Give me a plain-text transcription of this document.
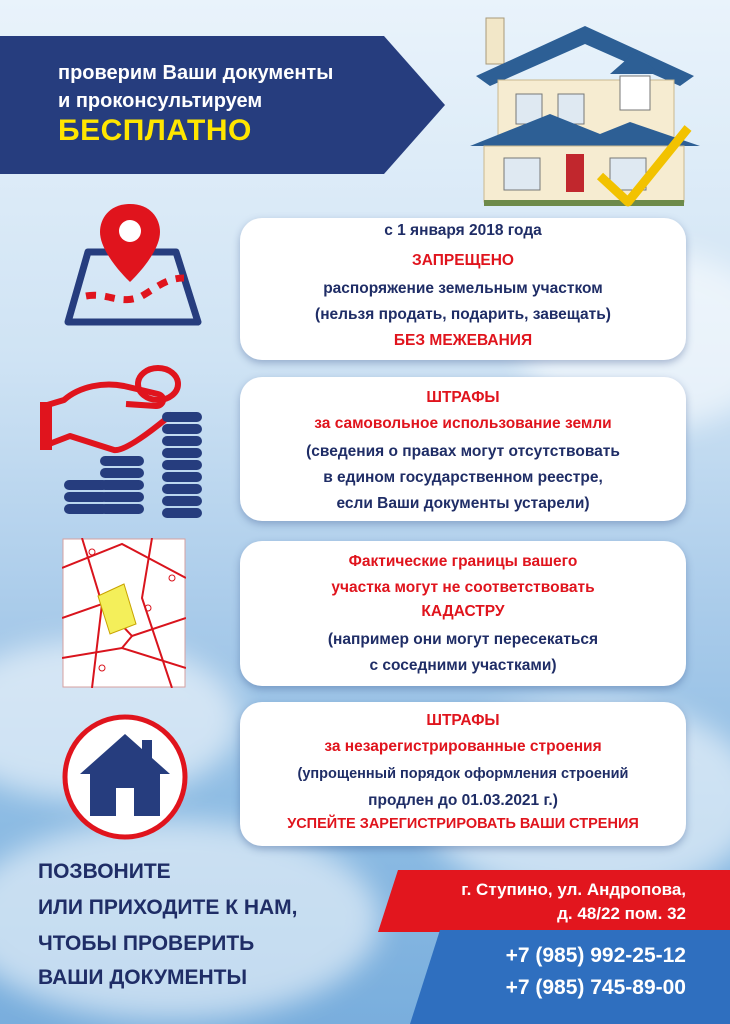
проверим Ваши документы
и проконсультируем
БЕСПЛАТНО
с 1 января 2018 года
ЗАПРЕЩЕНО
распоряжение земельным участком
(нельзя продать, подарить, завещать)
БЕЗ МЕЖЕВАНИЯ
ШТРАФЫ
за самовольное использование земли
(сведения о правах могут отсутствовать
в едином государственном реестре,
если Ваши документы устарели)
Фактические границы вашего
участка могут не соответствовать
КАДАСТРУ
(например они могут пересекаться
с соседними участками)
ШТРАФЫ
за незарегистрированные строения
(упрощенный порядок оформления строений
продлен до 01.03.2021 г.)
УСПЕЙТЕ ЗАРЕГИСТРИРОВАТЬ ВАШИ СТРЕНИЯ
ПОЗВОНИТЕ
ИЛИ ПРИХОДИТЕ К НАМ,
ЧТОБЫ ПРОВЕРИТЬ
ВАШИ ДОКУМЕНТЫ
г. Ступино, ул. Андропова,
д. 48/22 пом. 32
+7 (985) 992-25-12
+7 (985) 745-89-00
